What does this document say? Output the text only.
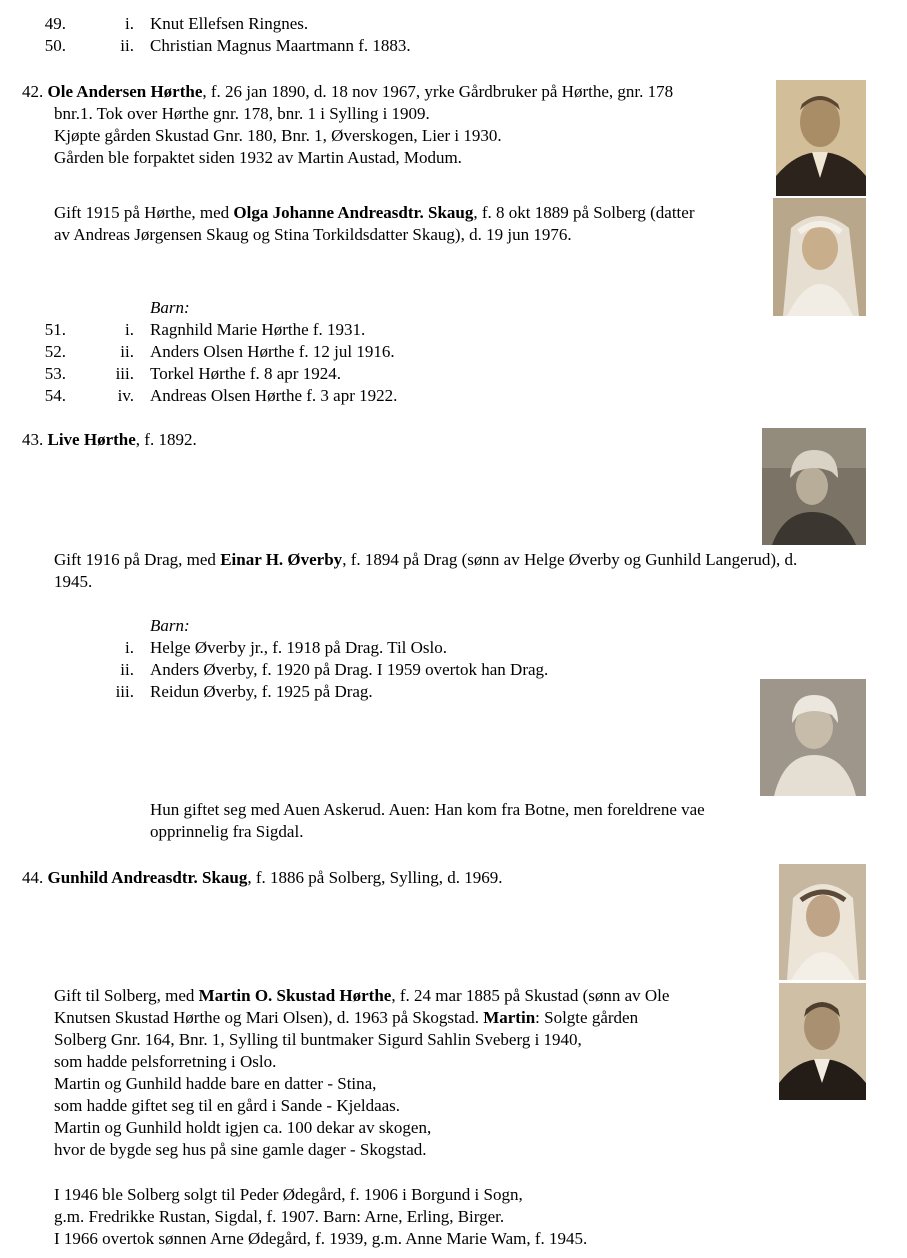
49.	i. Knut Ellefsen Ringnes.
50.	ii. Christian Magnus Maartmann f. 1883.
42. Ole Andersen Hørthe, f. 26 jan 1890, d. 18 nov 1967, yrke Gårdbruker på Hørthe, gnr. 178
bnr.1. Tok over Hørthe gnr. 178, bnr. 1 i Sylling i 1909.
Kjøpte gården Skustad Gnr. 180, Bnr. 1, Øverskogen, Lier i 1930.
Gården ble forpaktet siden 1932 av Martin Austad, Modum.
Gift 1915 på Hørthe, med Olga Johanne Andreasdtr. Skaug, f. 8 okt 1889 på Solberg (datter
av Andreas Jørgensen Skaug og Stina Torkildsdatter Skaug), d. 19 jun 1976.
Barn:
51.	i. Ragnhild Marie Hørthe f. 1931.
52.	ii. Anders Olsen Hørthe f. 12 jul 1916.
53.	iii. Torkel Hørthe f. 8 apr 1924.
54.	iv. Andreas Olsen Hørthe f. 3 apr 1922.
43. Live Hørthe, f. 1892.
Gift 1916 på Drag, med Einar H. Øverby, f. 1894 på Drag (sønn av Helge Øverby og Gunhild Langerud), d.
1945.
Barn:
i. Helge Øverby jr., f. 1918 på Drag. Til Oslo.
ii. Anders Øverby, f. 1920 på Drag. I 1959 overtok han Drag.
iii. Reidun Øverby, f. 1925 på Drag.
Hun giftet seg med Auen Askerud. Auen: Han kom fra Botne, men foreldrene vae
opprinnelig fra Sigdal.
44. Gunhild Andreasdtr. Skaug, f. 1886 på Solberg, Sylling, d. 1969.
Gift til Solberg, med Martin O. Skustad Hørthe, f. 24 mar 1885 på Skustad (sønn av Ole
Knutsen Skustad Hørthe og Mari Olsen), d. 1963 på Skogstad. Martin: Solgte gården
Solberg Gnr. 164, Bnr. 1, Sylling til buntmaker Sigurd Sahlin Sveberg i 1940,
som hadde pelsforretning i Oslo.
Martin og Gunhild hadde bare en datter - Stina,
som hadde giftet seg til en gård i Sande - Kjeldaas.
Martin og Gunhild holdt igjen ca. 100 dekar av skogen,
hvor de bygde seg hus på sine gamle dager - Skogstad.
I 1946 ble Solberg solgt til Peder Ødegård, f. 1906 i Borgund i Sogn,
g.m. Fredrikke Rustan, Sigdal, f. 1907. Barn: Arne, Erling, Birger.
I 1966 overtok sønnen Arne Ødegård, f. 1939, g.m. Anne Marie Wam, f. 1945.
